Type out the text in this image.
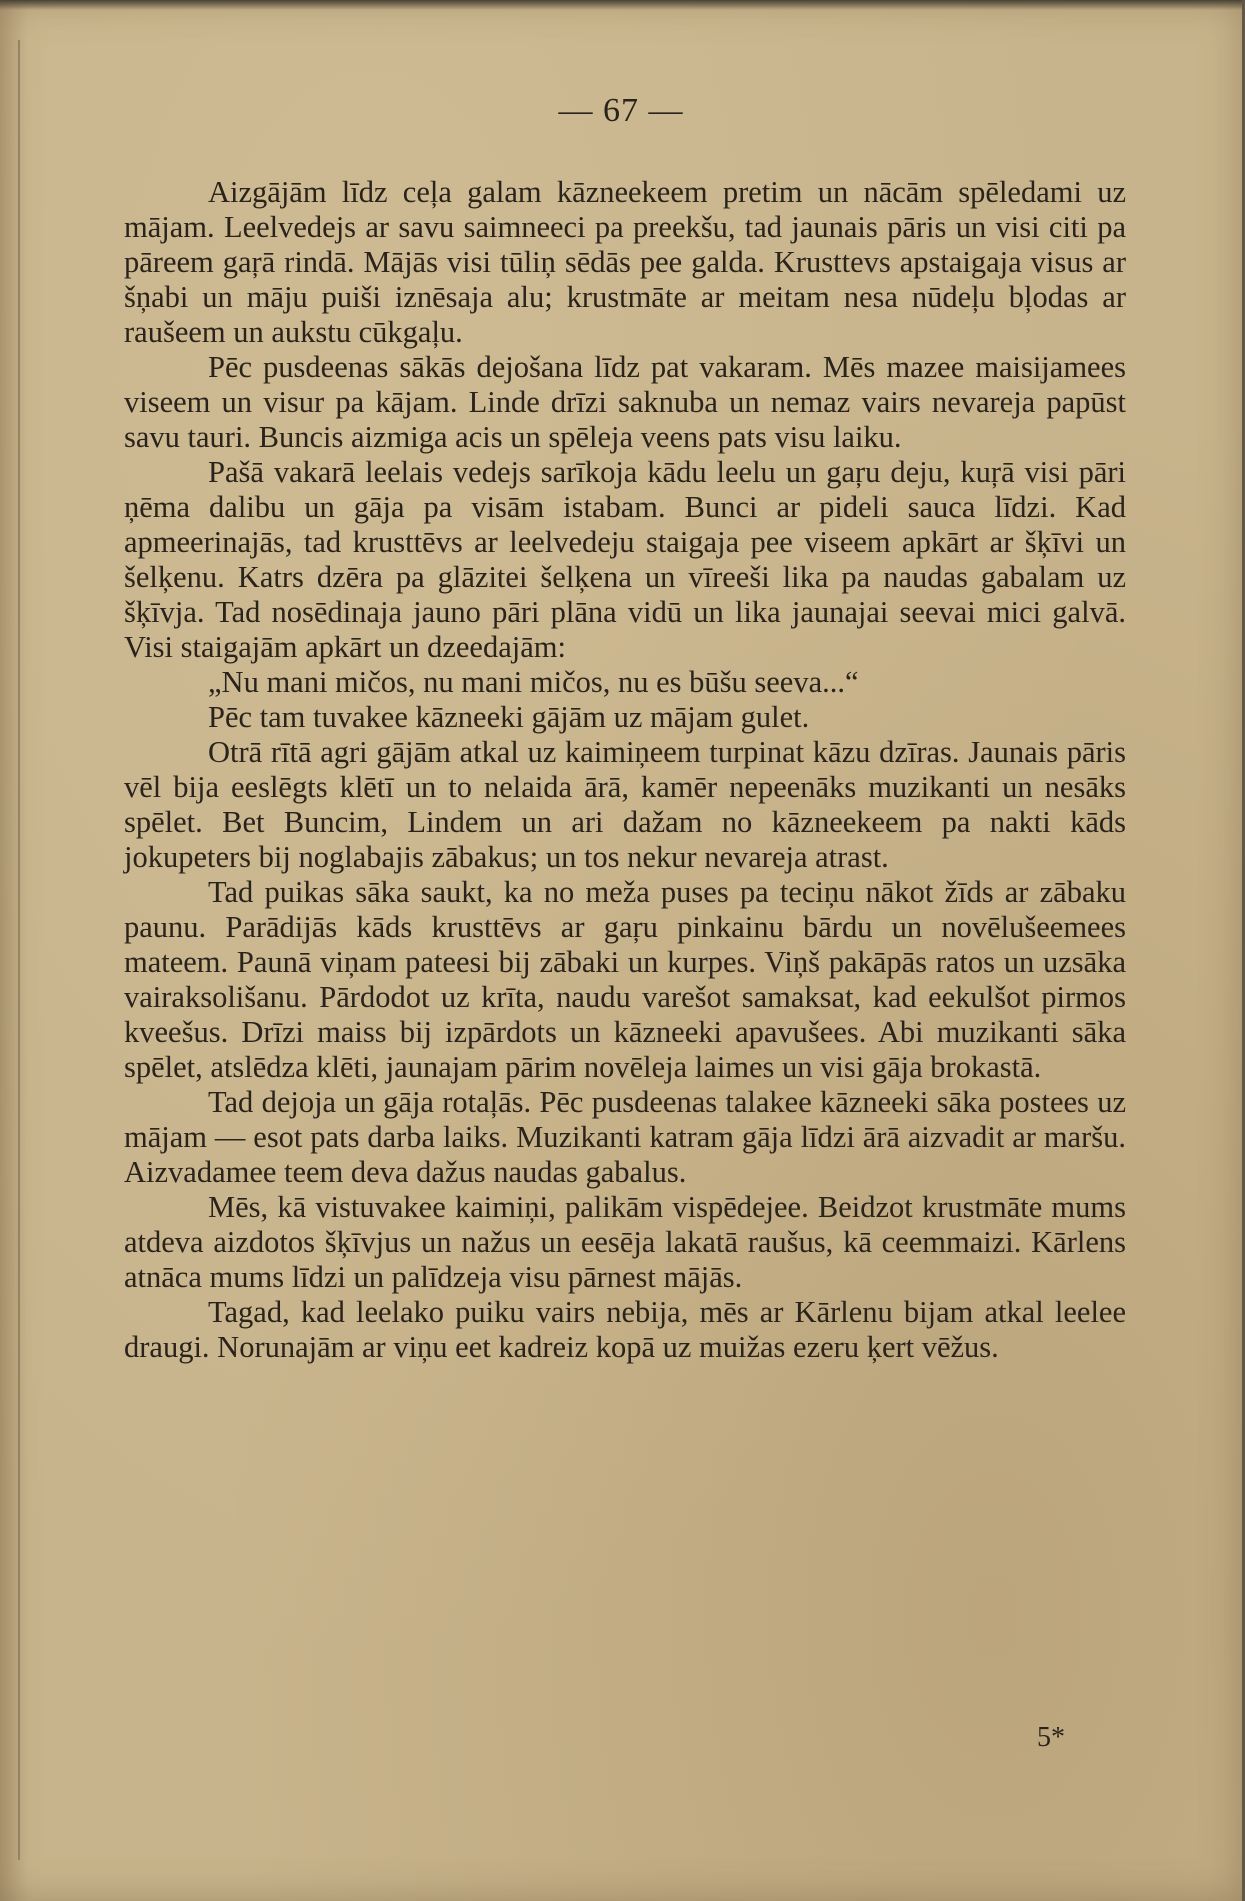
— 67 —

Aizgājām līdz ceļa galam kāzneekeem pretim un nācām spēledami uz mājam. Leelvedejs ar savu saimneeci pa preekšu, tad jaunais pāris un visi citi pa pāreem gaŗā rindā. Mājās visi tūliņ sēdās pee galda. Krusttevs apstaigaja visus ar šņabi un māju puiši iznēsaja alu; krustmāte ar meitam nesa nūdeļu bļodas ar raušeem un aukstu cūkgaļu.

Pēc pusdeenas sākās dejošana līdz pat vakaram. Mēs mazee maisijamees viseem un visur pa kājam. Linde drīzi saknuba un nemaz vairs nevareja papūst savu tauri. Buncis aizmiga acis un spēleja veens pats visu laiku.

Pašā vakarā leelais vedejs sarīkoja kādu leelu un gaŗu deju, kuŗā visi pāri ņēma dalibu un gāja pa visām istabam. Bunci ar pideli sauca līdzi. Kad apmeerinajās, tad krusttēvs ar leelvedeju staigaja pee viseem apkārt ar šķīvi un šelķenu. Katrs dzēra pa glāzitei šelķena un vīreeši lika pa naudas gabalam uz šķīvja. Tad nosēdinaja jauno pāri plāna vidū un lika jaunajai seevai mici galvā. Visi staigajām apkārt un dzeedajām:

„Nu mani mičos, nu mani mičos, nu es būšu seeva...“

Pēc tam tuvakee kāzneeki gājām uz mājam gulet.

Otrā rītā agri gājām atkal uz kaimiņeem turpinat kāzu dzīras. Jaunais pāris vēl bija eeslēgts klētī un to nelaida ārā, kamēr nepeenāks muzikanti un nesāks spēlet. Bet Buncim, Lindem un ari dažam no kāzneekeem pa nakti kāds jokupeters bij noglabajis zābakus; un tos nekur nevareja atrast.

Tad puikas sāka saukt, ka no meža puses pa teciņu nākot žīds ar zābaku paunu. Parādijās kāds krusttēvs ar gaŗu pinkainu bārdu un novēlušeemees mateem. Paunā viņam pateesi bij zābaki un kurpes. Viņš pakāpās ratos un uzsāka vairaksolišanu. Pārdodot uz krīta, naudu varešot samaksat, kad eekulšot pirmos kveešus. Drīzi maiss bij izpārdots un kāzneeki apavušees. Abi muzikanti sāka spēlet, atslēdza klēti, jaunajam pārim novēleja laimes un visi gāja brokastā.

Tad dejoja un gāja rotaļās. Pēc pusdeenas talakee kāzneeki sāka postees uz mājam — esot pats darba laiks. Muzikanti katram gāja līdzi ārā aizvadit ar maršu. Aizvadamee teem deva dažus naudas gabalus.

Mēs, kā vistuvakee kaimiņi, palikām vispēdejee. Beidzot krustmāte mums atdeva aizdotos šķīvjus un nažus un eesēja lakatā raušus, kā ceemmaizi. Kārlens atnāca mums līdzi un palīdzeja visu pārnest mājās.

Tagad, kad leelako puiku vairs nebija, mēs ar Kārlenu bijam atkal leelee draugi. Norunajām ar viņu eet kadreiz kopā uz muižas ezeru ķert vēžus.

5*
